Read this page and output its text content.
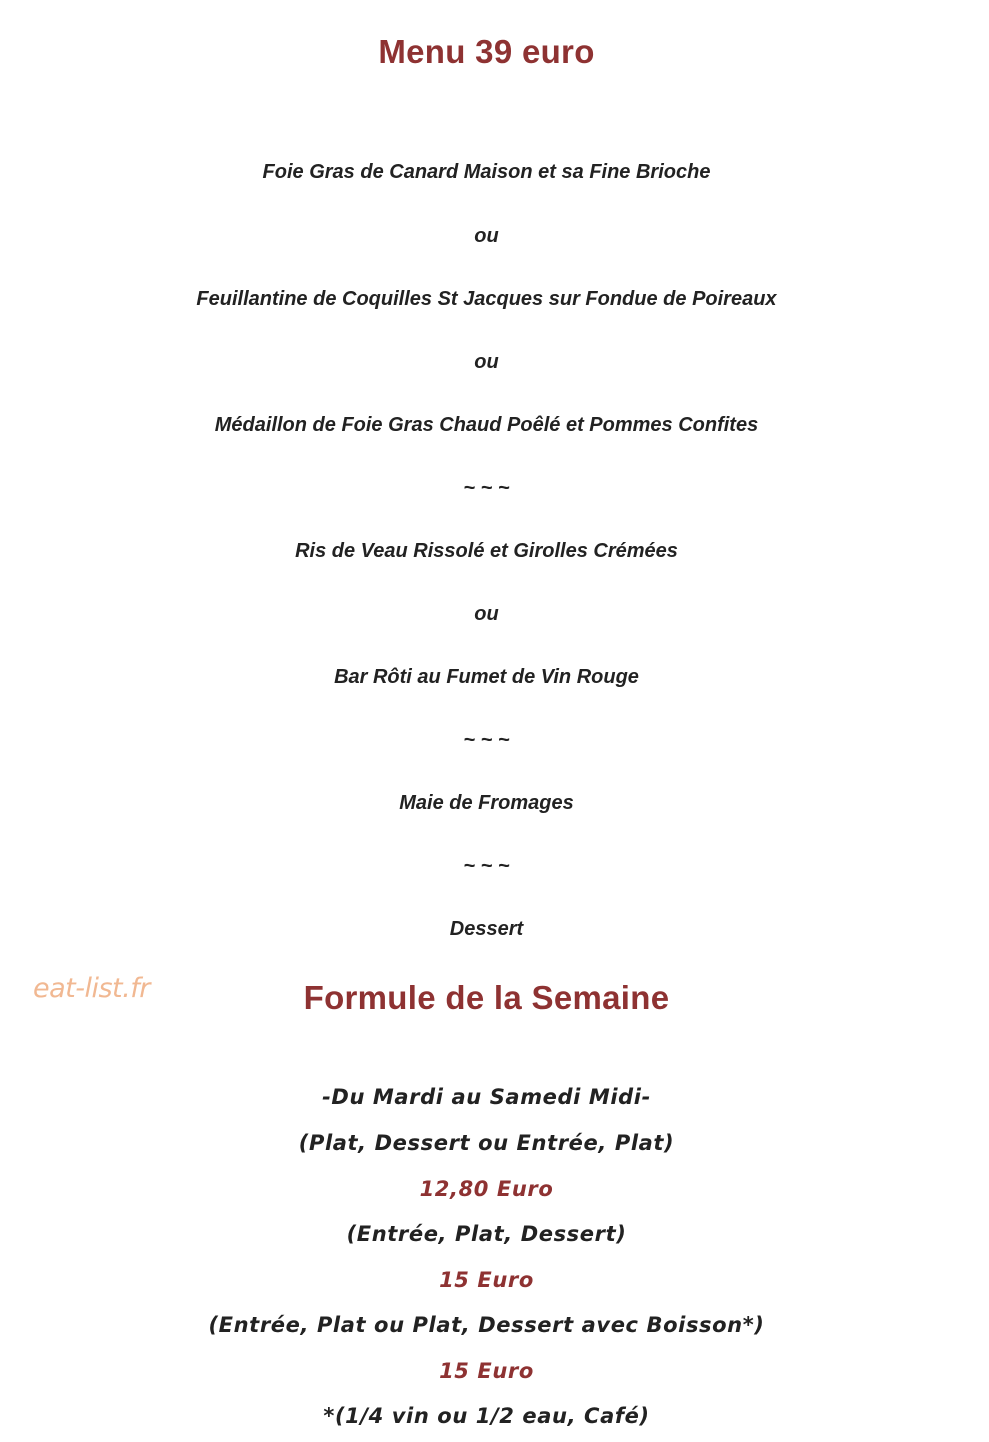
Menu 39 euro
Foie Gras de Canard Maison et sa Fine Brioche
ou
Feuillantine de Coquilles St Jacques sur Fondue de Poireaux
ou
Médaillon de Foie Gras Chaud Poêlé et Pommes Confites
~ ~ ~
Ris de Veau Rissolé et Girolles Crémées
ou
Bar Rôti au Fumet de Vin Rouge
~ ~ ~
Maie de Fromages
~ ~ ~
Dessert
eat-list.fr	Formule de la Semaine
-Du Mardi au Samedi Midi-
(Plat, Dessert ou Entrée, Plat)
12,80 Euro
(Entrée, Plat, Dessert)
15 Euro
(Entrée, Plat ou Plat, Dessert avec Boisson*)
15 Euro
*(1/4 vin ou 1/2 eau, Café)
